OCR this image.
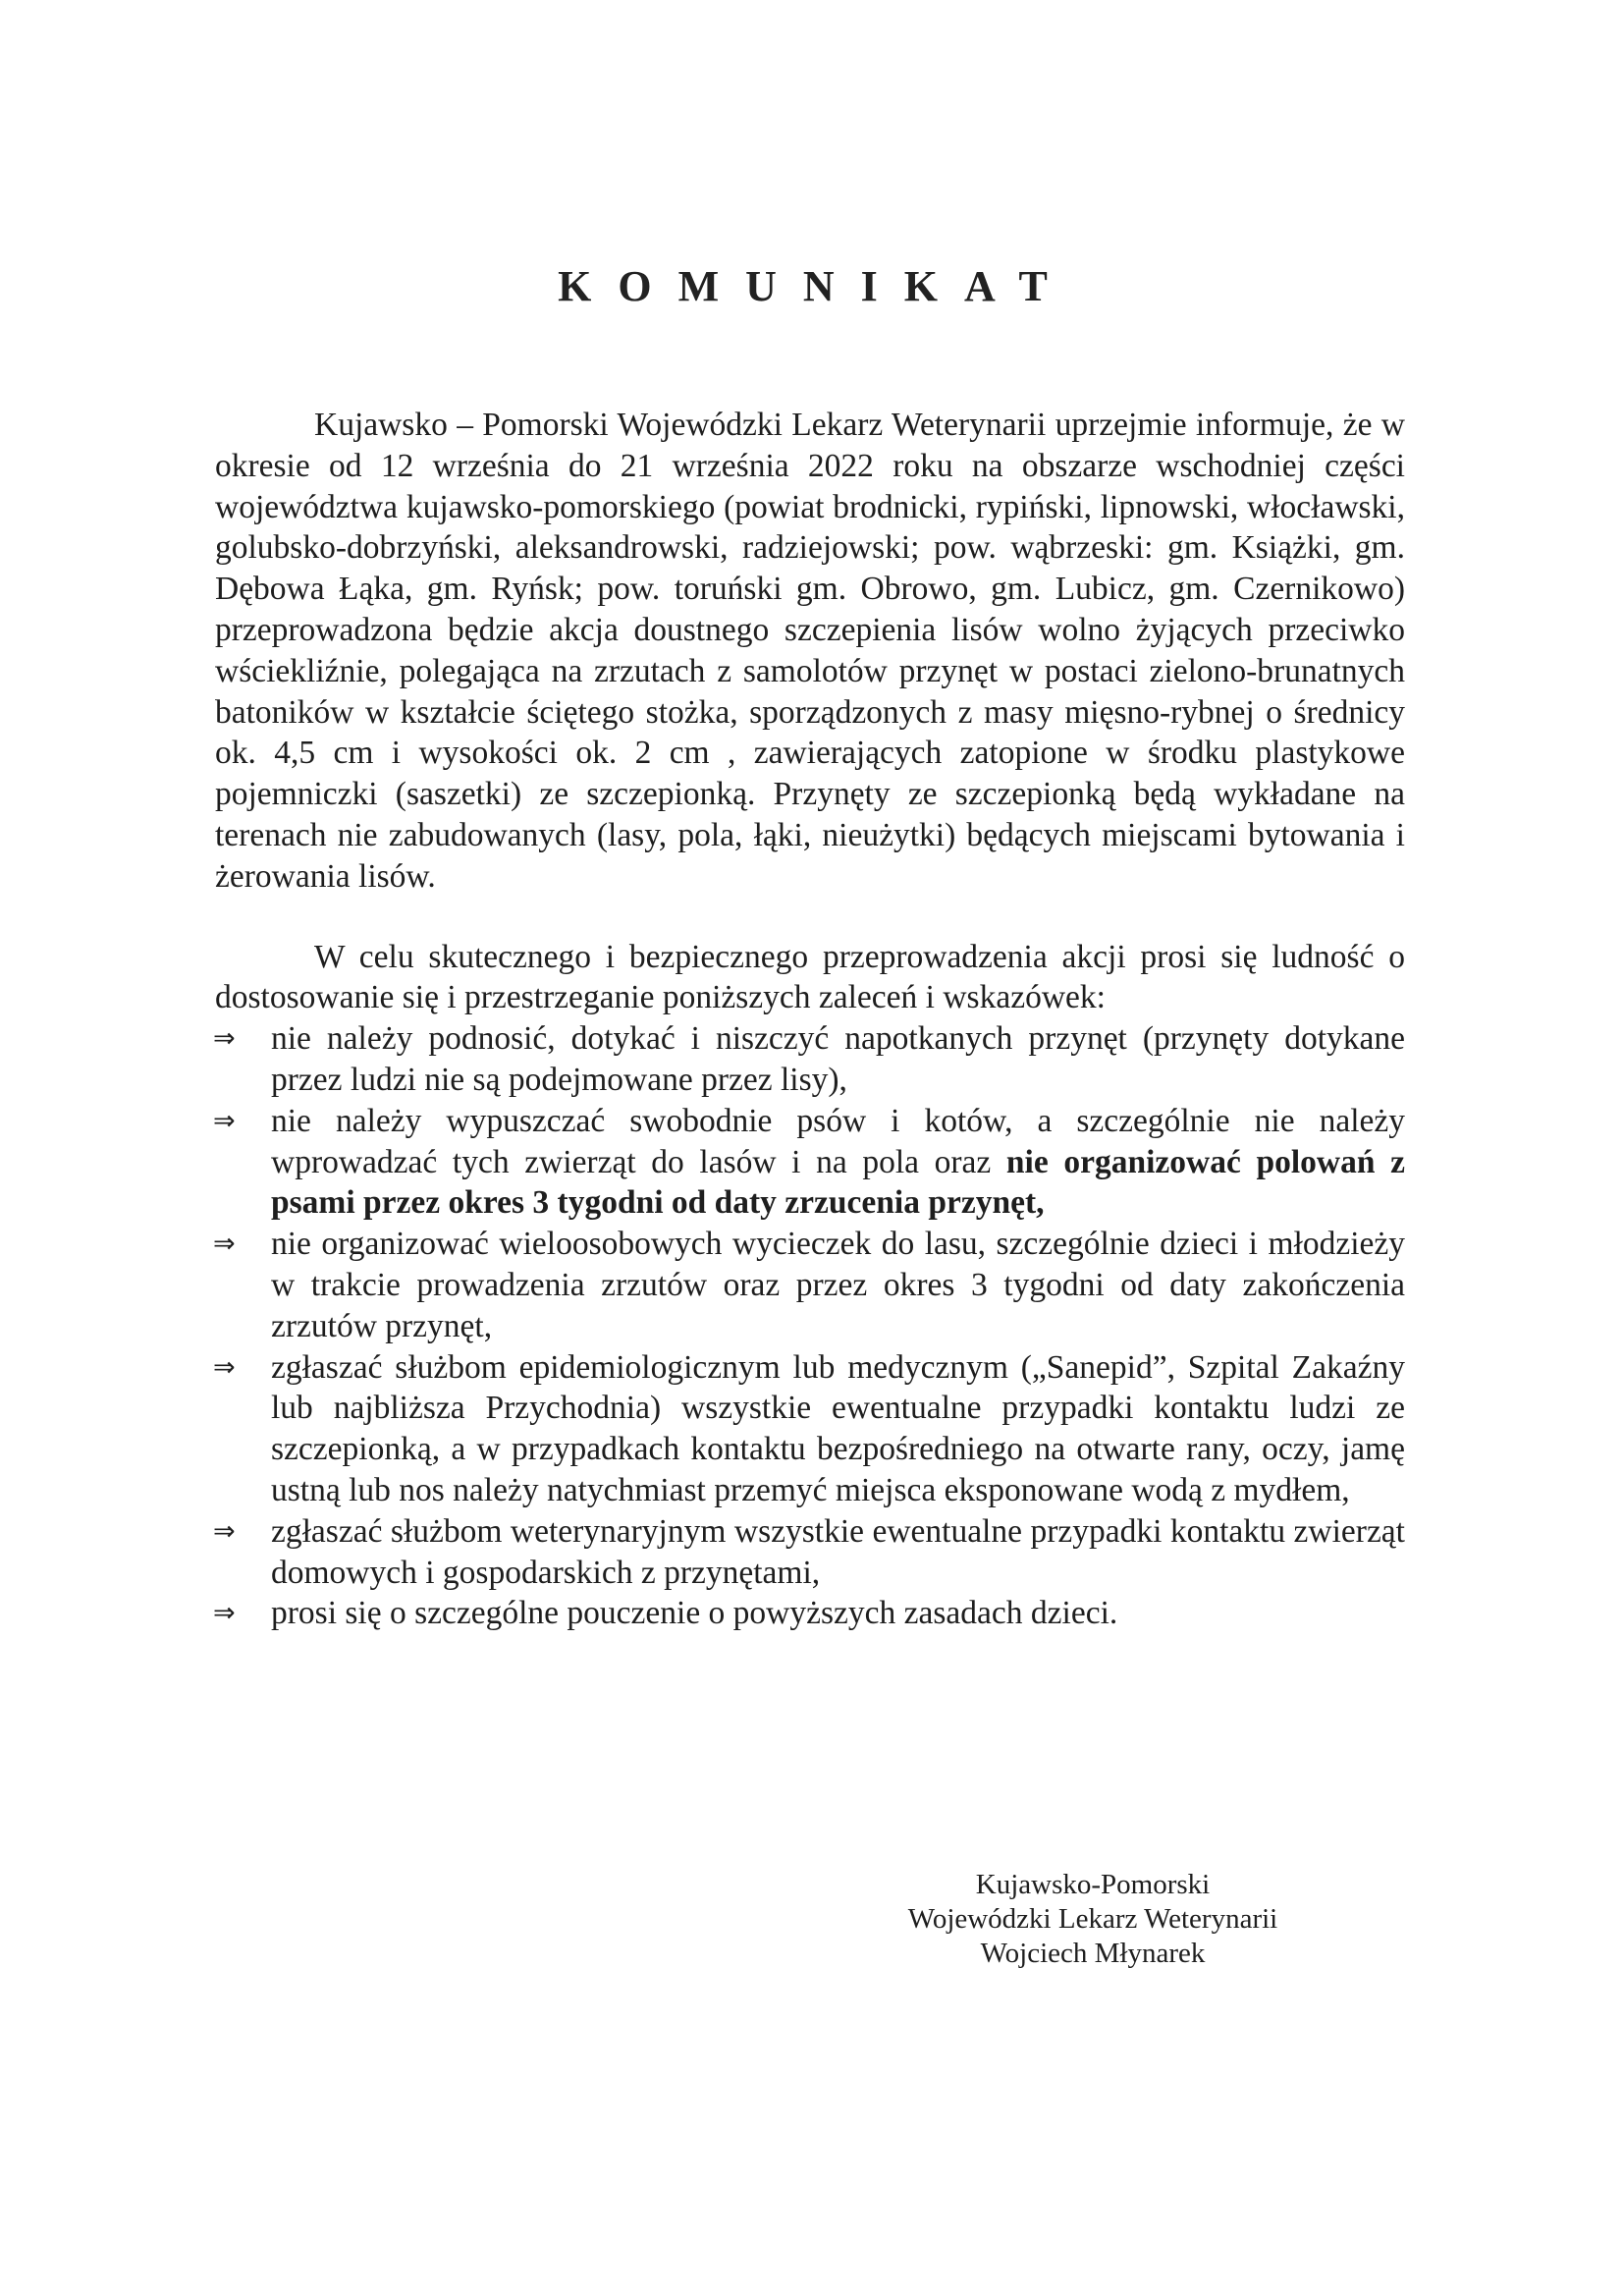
KOMUNIKAT

Kujawsko – Pomorski Wojewódzki Lekarz Weterynarii uprzejmie informuje, że w okresie od 12 września do 21 września 2022 roku na obszarze wschodniej części województwa kujawsko-pomorskiego (powiat brodnicki, rypiński, lipnowski, włocławski, golubsko-dobrzyński, aleksandrowski, radziejowski; pow. wąbrzeski: gm. Książki, gm. Dębowa Łąka, gm. Ryńsk; pow. toruński gm. Obrowo, gm. Lubicz, gm. Czernikowo) przeprowadzona będzie akcja doustnego szczepienia lisów wolno żyjących przeciwko wściekliźnie, polegająca na zrzutach z samolotów przynęt w postaci zielono-brunatnych batoników w kształcie ściętego stożka, sporządzonych z masy mięsno-rybnej o średnicy ok. 4,5 cm i wysokości ok. 2 cm , zawierających zatopione w środku plastykowe pojemniczki (saszetki) ze szczepionką. Przynęty ze szczepionką będą wykładane na terenach nie zabudowanych (lasy, pola, łąki, nieużytki) będących miejscami bytowania i żerowania lisów.

W celu skutecznego i bezpiecznego przeprowadzenia akcji prosi się ludność o dostosowanie się i przestrzeganie poniższych zaleceń i wskazówek:

⇒ nie należy podnosić, dotykać i niszczyć napotkanych przynęt (przynęty dotykane przez ludzi nie są podejmowane przez lisy),
⇒ nie należy wypuszczać swobodnie psów i kotów, a szczególnie nie należy wprowadzać tych zwierząt do lasów i na pola oraz nie organizować polowań z psami przez okres 3 tygodni od daty zrzucenia przynęt,
⇒ nie organizować wieloosobowych wycieczek do lasu, szczególnie dzieci i młodzieży w trakcie prowadzenia zrzutów oraz przez okres 3 tygodni od daty zakończenia zrzutów przynęt,
⇒ zgłaszać służbom epidemiologicznym lub medycznym („Sanepid”, Szpital Zakaźny lub najbliższa Przychodnia) wszystkie ewentualne przypadki kontaktu ludzi ze szczepionką, a w przypadkach kontaktu bezpośredniego na otwarte rany, oczy, jamę ustną lub nos należy natychmiast przemyć miejsca eksponowane wodą z mydłem,
⇒ zgłaszać służbom weterynaryjnym wszystkie ewentualne przypadki kontaktu zwierząt domowych i gospodarskich z przynętami,
⇒ prosi się o szczególne pouczenie o powyższych zasadach dzieci.
Kujawsko-Pomorski
Wojewódzki Lekarz Weterynarii
Wojciech Młynarek
